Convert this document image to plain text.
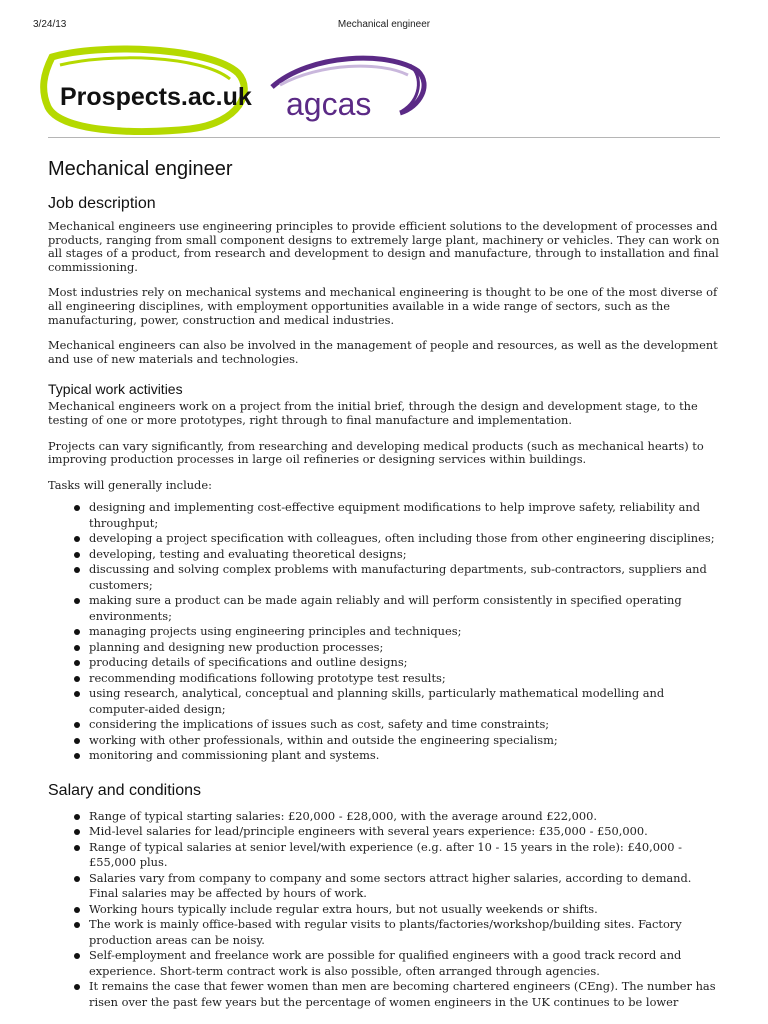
3/24/13	Mechanical engineer
Prospects.ac.uk agcas
Mechanical engineer
Job description

Mechanical engineers use engineering principles to provide efficient solutions to the development of processes and products, ranging from small component designs to extremely large plant, machinery or vehicles. They can work on all stages of a product, from research and development to design and manufacture, through to installation and final commissioning.

Most industries rely on mechanical systems and mechanical engineering is thought to be one of the most diverse of all engineering disciplines, with employment opportunities available in a wide range of sectors, such as the manufacturing, power, construction and medical industries.

Mechanical engineers can also be involved in the management of people and resources, as well as the development and use of new materials and technologies.

Typical work activities

Mechanical engineers work on a project from the initial brief, through the design and development stage, to the testing of one or more prototypes, right through to final manufacture and implementation.

Projects can vary significantly, from researching and developing medical products (such as mechanical hearts) to improving production processes in large oil refineries or designing services within buildings.

Tasks will generally include:

designing and implementing cost-effective equipment modifications to help improve safety, reliability and throughput;
developing a project specification with colleagues, often including those from other engineering disciplines;
developing, testing and evaluating theoretical designs;
discussing and solving complex problems with manufacturing departments, sub-contractors, suppliers and customers;
making sure a product can be made again reliably and will perform consistently in specified operating environments;
managing projects using engineering principles and techniques;
planning and designing new production processes;
producing details of specifications and outline designs;
recommending modifications following prototype test results;
using research, analytical, conceptual and planning skills, particularly mathematical modelling and computer-aided design;
considering the implications of issues such as cost, safety and time constraints;
working with other professionals, within and outside the engineering specialism;
monitoring and commissioning plant and systems.
Salary and conditions
Range of typical starting salaries: £20,000 - £28,000, with the average around £22,000.
Mid-level salaries for lead/principle engineers with several years experience: £35,000 - £50,000.
Range of typical salaries at senior level/with experience (e.g. after 10 - 15 years in the role): £40,000 - £55,000 plus.
Salaries vary from company to company and some sectors attract higher salaries, according to demand. Final salaries may be affected by hours of work.
Working hours typically include regular extra hours, but not usually weekends or shifts.
The work is mainly office-based with regular visits to plants/factories/workshop/building sites. Factory production areas can be noisy.
Self-employment and freelance work are possible for qualified engineers with a good track record and experience. Short-term contract work is also possible, often arranged through agencies.
It remains the case that fewer women than men are becoming chartered engineers (CEng). The number has risen over the past few years but the percentage of women engineers in the UK continues to be lower
